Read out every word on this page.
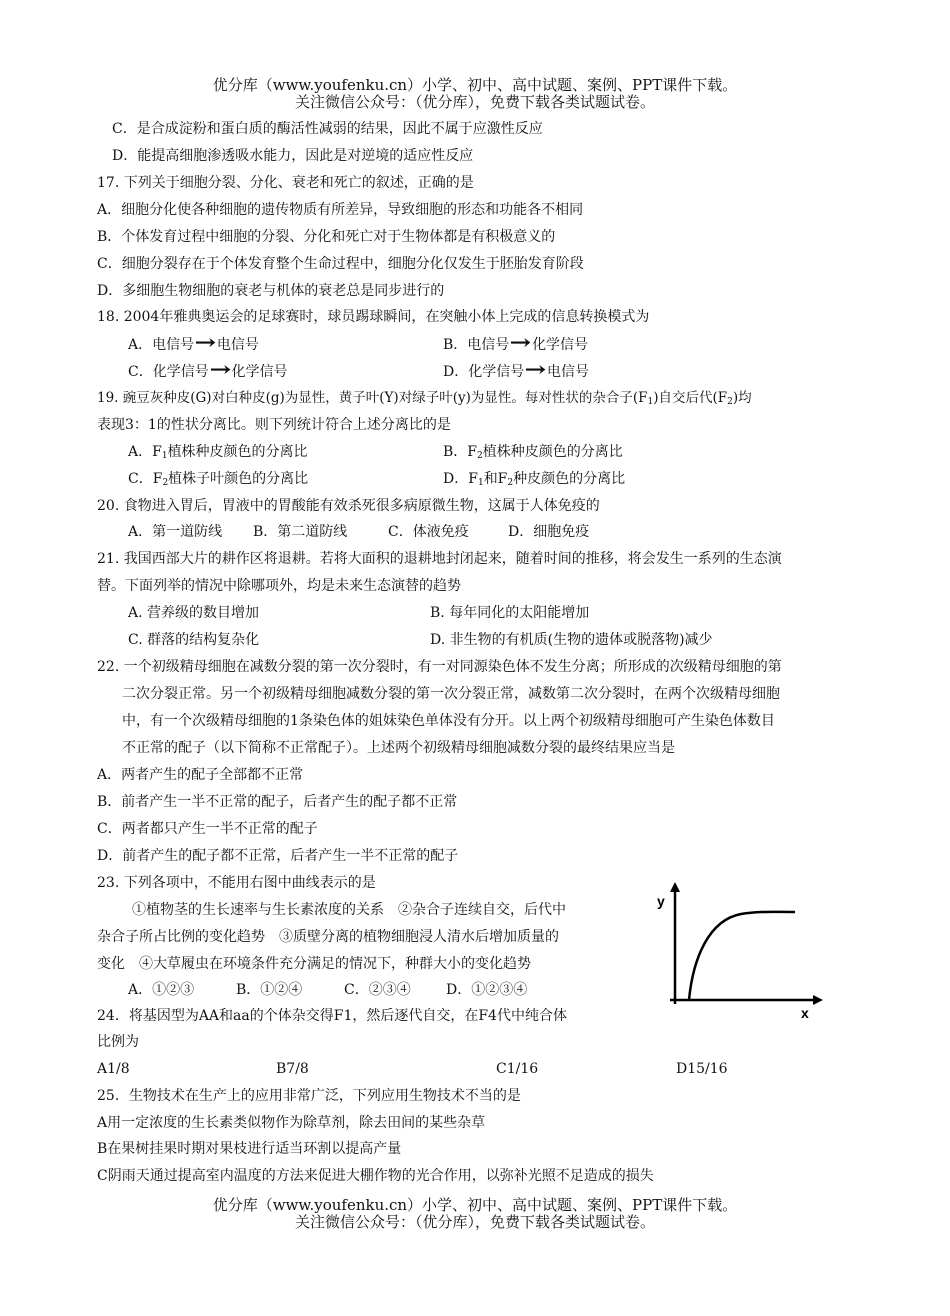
优分库（www.youfenku.cn）小学、初中、高中试题、案例、PPT课件下载。
关注微信公众号：（优分库），免费下载各类试题试卷。
C．是合成淀粉和蛋白质的酶活性减弱的结果，因此不属于应激性反应
D．能提高细胞渗透吸水能力，因此是对逆境的适应性反应
17. 下列关于细胞分裂、分化、衰老和死亡的叙述，正确的是
A．细胞分化使各种细胞的遗传物质有所差异，导致细胞的形态和功能各不相同
B．个体发育过程中细胞的分裂、分化和死亡对于生物体都是有积极意义的
C．细胞分裂存在于个体发育整个生命过程中，细胞分化仅发生于胚胎发育阶段
D．多细胞生物细胞的衰老与机体的衰老总是同步进行的
18. 2004年雅典奥运会的足球赛时，球员踢球瞬间，在突触小体上完成的信息转换模式为
A．电信号→电信号	B．电信号→化学信号
C．化学信号→化学信号	D．化学信号→电信号
19. 豌豆灰种皮(G)对白种皮(g)为显性，黄子叶(Y)对绿子叶(y)为显性。每对性状的杂合子$(F_1)$自交后代$(F_2)$均
表现3：1的性状分离比。则下列统计符合上述分离比的是
A．$F_1$植株种皮颜色的分离比	B．$F_2$植株种皮颜色的分离比
C．$F_2$植株子叶颜色的分离比	D．$F_1$和$F_2$种皮颜色的分离比
20. 食物进入胃后，胃液中的胃酸能有效杀死很多病原微生物，这属于人体免疫的
A．第一道防线 B．第二道防线	C．体液免疫	D．细胞免疫
21. 我国西部大片的耕作区将退耕。若将大面积的退耕地封闭起来，随着时间的推移，将会发生一系列的生态演
替。下面列举的情况中除哪项外，均是未来生态演替的趋势
A. 营养级的数目增加	B. 每年同化的太阳能增加
C. 群落的结构复杂化	D. 非生物的有机质(生物的遗体或脱落物)减少
22. 一个初级精母细胞在减数分裂的第一次分裂时，有一对同源染色体不发生分离；所形成的次级精母细胞的第
二次分裂正常。另一个初级精母细胞减数分裂的第一次分裂正常，减数第二次分裂时，在两个次级精母细胞
中，有一个次级精母细胞的1条染色体的姐妹染色单体没有分开。以上两个初级精母细胞可产生染色体数目
不正常的配子（以下简称不正常配子）。上述两个初级精母细胞减数分裂的最终结果应当是
A．两者产生的配子全部都不正常
B．前者产生一半不正常的配子，后者产生的配子都不正常
C．两者都只产生一半不正常的配子
D．前者产生的配子都不正常，后者产生一半不正常的配子
23. 下列各项中，不能用右图中曲线表示的是
①植物茎的生长速率与生长素浓度的关系　②杂合子连续自交，后代中
杂合子所占比例的变化趋势　③质壁分离的植物细胞浸人清水后增加质量的
变化　④大草履虫在环境条件充分满足的情况下，种群大小的变化趋势
A．①②③	B．①②④	C．②③④	D．①②③④
y
x
24．将基因型为AA和aa的个体杂交得F1，然后逐代自交，在F4代中纯合体
比例为
A1/8	B7/8	C1/16	D15/16
25．生物技术在生产上的应用非常广泛，下列应用生物技术不当的是
A用一定浓度的生长素类似物作为除草剂，除去田间的某些杂草
B在果树挂果时期对果枝进行适当环割以提高产量
C阴雨天通过提高室内温度的方法来促进大棚作物的光合作用，以弥补光照不足造成的损失
优分库（www.youfenku.cn）小学、初中、高中试题、案例、PPT课件下载。
关注微信公众号：（优分库），免费下载各类试题试卷。
